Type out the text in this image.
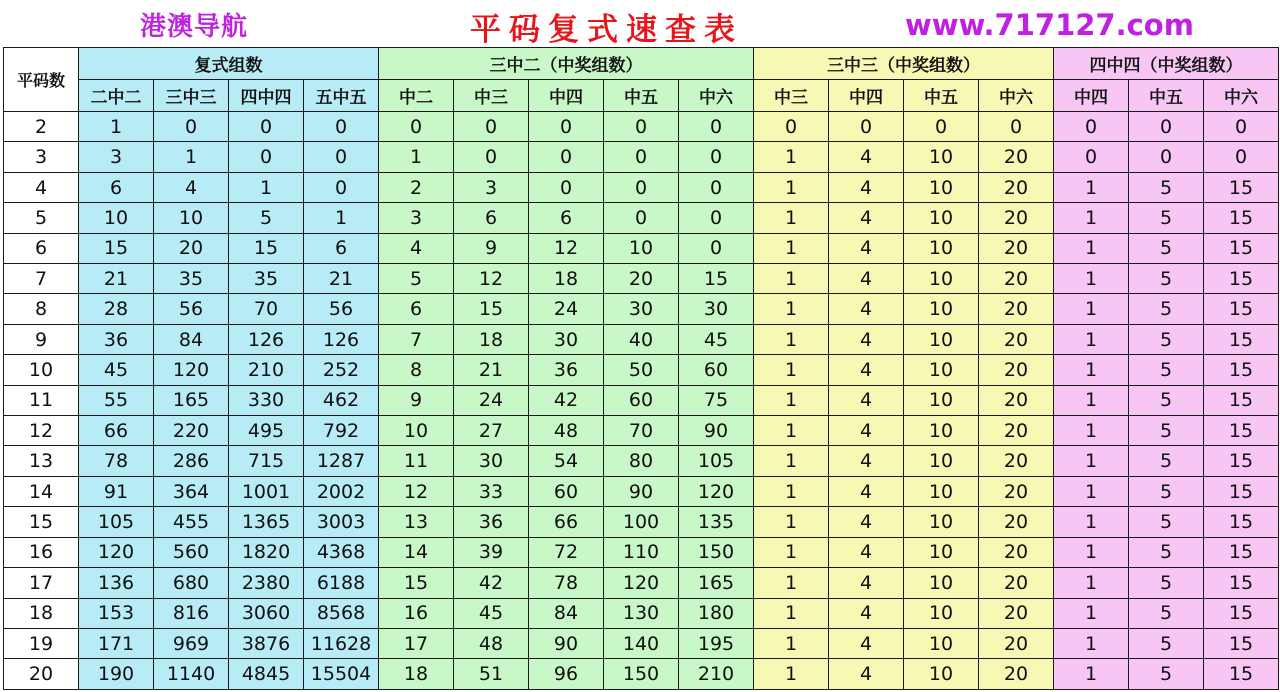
港澳导航	平码复式速查表	www.717127.com
平码数	复式组数				三中二（中奖组数）					三中三（中奖组数）				四中四（中奖组数）		
	二中二	三中三	四中四	五中五	中二	中三	中四	中五	中六	中三	中四	中五	中六	中四	中五	中六
2	1	0	0	0	0	0	0	0	0	0	0	0	0	0	0	0
3	3	1	0	0	1	0	0	0	0	1	4	10	20	0	0	0
4	6	4	1	0	2	3	0	0	0	1	4	10	20	1	5	15
5	10	10	5	1	3	6	6	0	0	1	4	10	20	1	5	15
6	15	20	15	6	4	9	12	10	0	1	4	10	20	1	5	15
7	21	35	35	21	5	12	18	20	15	1	4	10	20	1	5	15
8	28	56	70	56	6	15	24	30	30	1	4	10	20	1	5	15
9	36	84	126	126	7	18	30	40	45	1	4	10	20	1	5	15
10	45	120	210	252	8	21	36	50	60	1	4	10	20	1	5	15
11	55	165	330	462	9	24	42	60	75	1	4	10	20	1	5	15
12	66	220	495	792	10	27	48	70	90	1	4	10	20	1	5	15
13	78	286	715	1287	11	30	54	80	105	1	4	10	20	1	5	15
14	91	364	1001	2002	12	33	60	90	120	1	4	10	20	1	5	15
15	105	455	1365	3003	13	36	66	100	135	1	4	10	20	1	5	15
16	120	560	1820	4368	14	39	72	110	150	1	4	10	20	1	5	15
17	136	680	2380	6188	15	42	78	120	165	1	4	10	20	1	5	15
18	153	816	3060	8568	16	45	84	130	180	1	4	10	20	1	5	15
19	171	969	3876	11628	17	48	90	140	195	1	4	10	20	1	5	15
20	190	1140	4845	15504	18	51	96	150	210	1	4	10	20	1	5	15
